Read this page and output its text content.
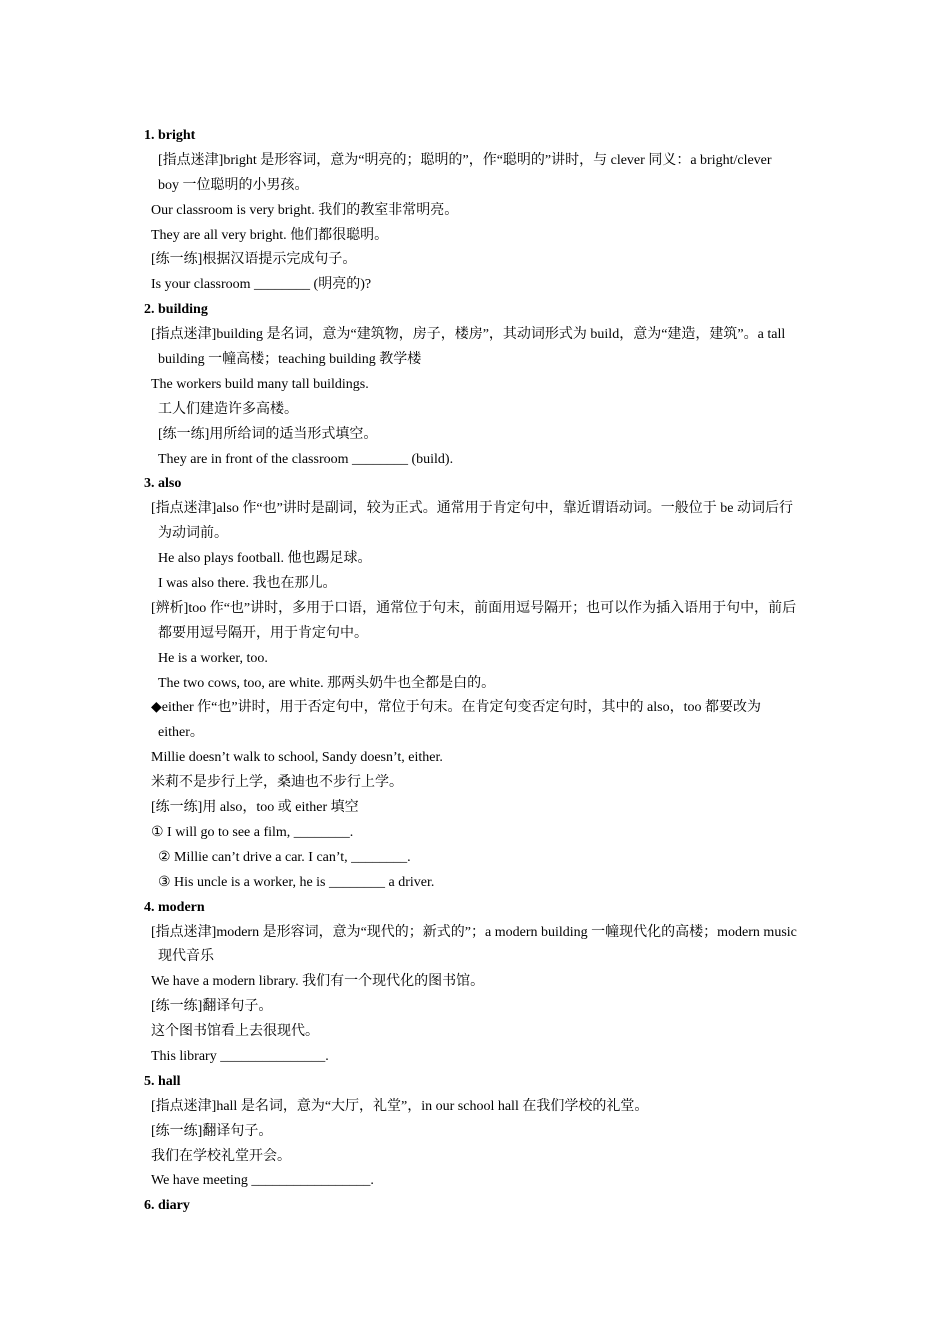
1. bright
[指点迷津]bright 是形容词，意为“明亮的；聪明的”，作“聪明的”讲时，与 clever 同义：a bright/clever
boy 一位聪明的小男孩。
Our classroom is very bright. 我们的教室非常明亮。
They are all very bright. 他们都很聪明。
[练一练]根据汉语提示完成句子。
Is your classroom ________ (明亮的)?
2. building
[指点迷津]building 是名词，意为“建筑物，房子，楼房”，其动词形式为 build，意为“建造，建筑”。a tall
building 一幢高楼；teaching building 教学楼
The workers build many tall buildings.
工人们建造许多高楼。
[练一练]用所给词的适当形式填空。
They are in front of the classroom ________ (build).
3. also
[指点迷津]also 作“也”讲时是副词，较为正式。通常用于肯定句中，靠近谓语动词。一般位于 be 动词后行
为动词前。
He also plays football. 他也踢足球。
I was also there. 我也在那儿。
[辨析]too 作“也”讲时，多用于口语，通常位于句末，前面用逗号隔开；也可以作为插入语用于句中，前后
都要用逗号隔开，用于肯定句中。
He is a worker, too.
The two cows, too, are white. 那两头奶牛也全都是白的。
◆either 作“也”讲时，用于否定句中，常位于句末。在肯定句变否定句时，其中的 also，too 都要改为
either。
Millie doesn’t walk to school, Sandy doesn’t, either.
米莉不是步行上学，桑迪也不步行上学。
[练一练]用 also，too 或 either 填空
① I will go to see a film, ________.
② Millie can’t drive a car. I can’t, ________.
③ His uncle is a worker, he is ________ a driver.
4. modern
[指点迷津]modern 是形容词，意为“现代的；新式的”；a modern building 一幢现代化的高楼；modern music
现代音乐
We have a modern library. 我们有一个现代化的图书馆。
[练一练]翻译句子。
这个图书馆看上去很现代。
This library _______________.
5. hall
[指点迷津]hall 是名词，意为“大厅，礼堂”，in our school hall 在我们学校的礼堂。
[练一练]翻译句子。
我们在学校礼堂开会。
We have meeting _________________.
6. diary
